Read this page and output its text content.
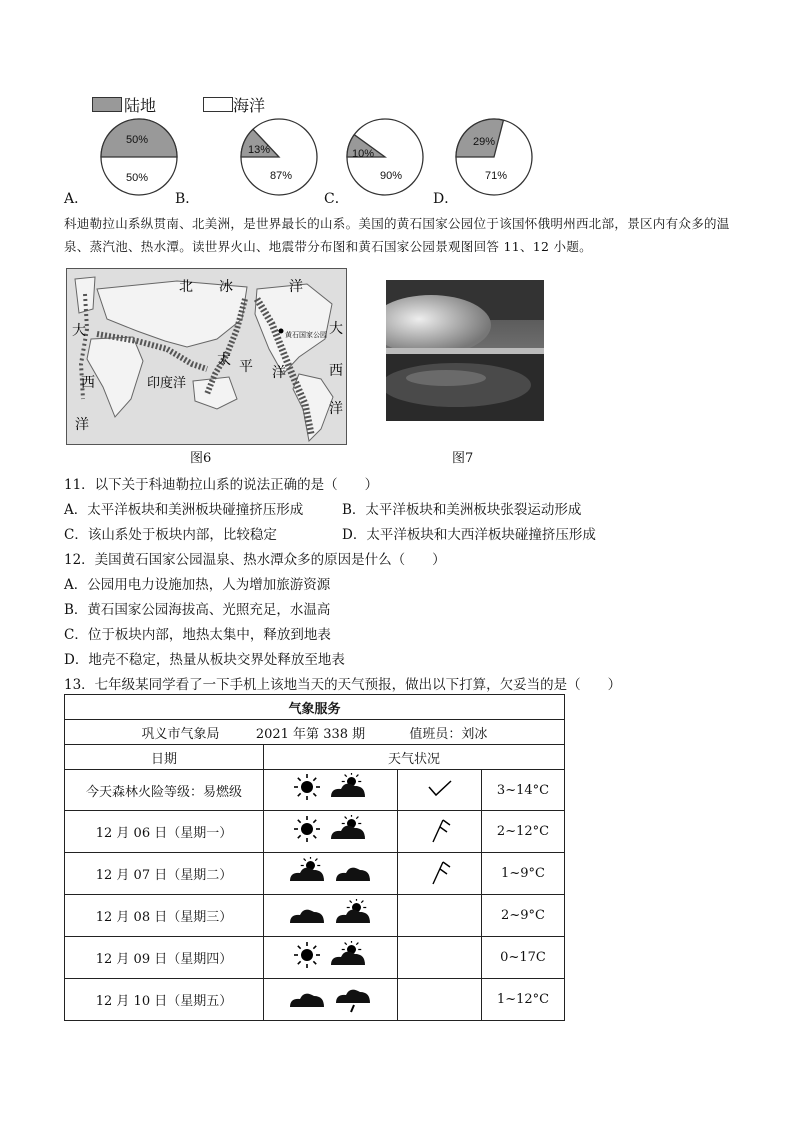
陆地	海洋
50%
50%
A．
13%
87%
B．
10%
90%
C．
29%
71%
D．
科迪勒拉山系纵贯南、北美洲，是世界最长的山系。美国的黄石国家公园位于该国怀俄明州西北部，景区内有众多的温泉、蒸汽池、热水潭。读世界火山、地震带分布图和黄石国家公园景观图回答 11、12 小题。
黄石国家公园
北 冰	洋
大
西
洋
印度洋
太 平 洋
大
西
洋
图6	图7
11．以下关于科迪勒拉山系的说法正确的是（　　）
A．太平洋板块和美洲板块碰撞挤压形成	B．太平洋板块和美洲板块张裂运动形成
C．该山系处于板块内部，比较稳定	D．太平洋板块和大西洋板块碰撞挤压形成
12．美国黄石国家公园温泉、热水潭众多的原因是什么（　　）
A．公园用电力设施加热，人为增加旅游资源
B．黄石国家公园海拔高、光照充足，水温高
C．位于板块内部，地热太集中，释放到地表
D．地壳不稳定，热量从板块交界处释放至地表
13．七年级某同学看了一下手机上该地当天的天气预报，做出以下打算，欠妥当的是（　　）
气象服务			
巩义市气象局 2021 年第 338 期 值班员：刘冰			
日期	天气状况		
今天森林火险等级：易燃级			3~14°C
12 月 06 日（星期一）			2~12°C
12 月 07 日（星期二）			1~9°C
12 月 08 日（星期三）			2~9°C
12 月 09 日（星期四）			0~17C
12 月 10 日（星期五）			1~12°C
